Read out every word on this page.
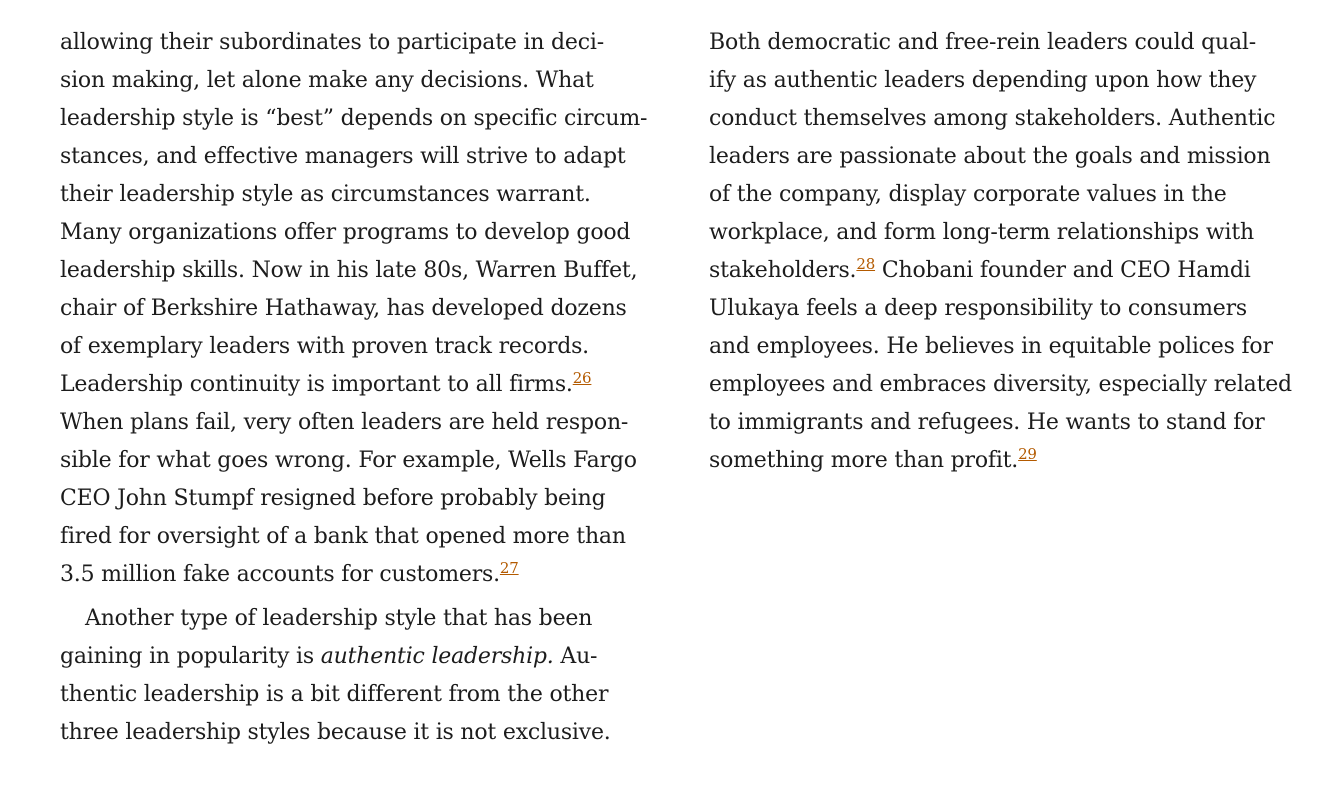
allowing their subordinates to participate in deci-
sion making, let alone make any decisions. What
leadership style is “best” depends on specific circum-
stances, and effective managers will strive to adapt
their leadership style as circumstances warrant.
Many organizations offer programs to develop good
leadership skills. Now in his late 80s, Warren Buffet,
chair of Berkshire Hathaway, has developed dozens
of exemplary leaders with proven track records.
Leadership continuity is important to all firms.$^{26}$
When plans fail, very often leaders are held respon-
sible for what goes wrong. For example, Wells Fargo
CEO John Stumpf resigned before probably being
fired for oversight of a bank that opened more than
3.5 million fake accounts for customers.$^{27}$
Another type of leadership style that has been
gaining in popularity is authentic leadership. Au-
thentic leadership is a bit different from the other
three leadership styles because it is not exclusive.
Both democratic and free-rein leaders could qual-
ify as authentic leaders depending upon how they
conduct themselves among stakeholders. Authentic
leaders are passionate about the goals and mission
of the company, display corporate values in the
workplace, and form long-term relationships with
stakeholders.$^{28}$ Chobani founder and CEO Hamdi
Ulukaya feels a deep responsibility to consumers
and employees. He believes in equitable polices for
employees and embraces diversity, especially related
to immigrants and refugees. He wants to stand for
something more than profit.$^{29}$
